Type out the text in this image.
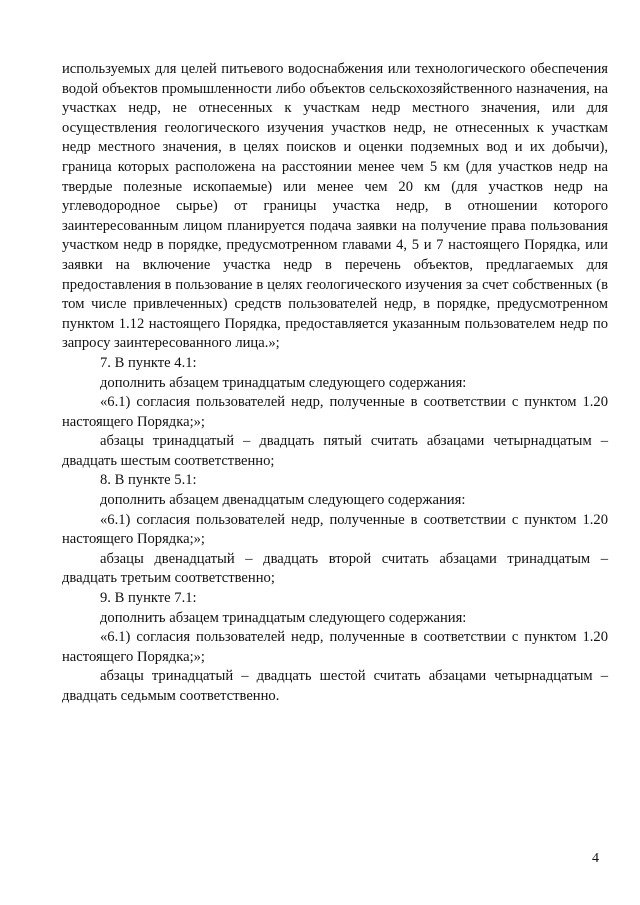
используемых для целей питьевого водоснабжения или технологического обеспечения водой объектов промышленности либо объектов сельскохозяйственного назначения, на участках недр, не отнесенных к участкам недр местного значения, или для осуществления геологического изучения участков недр, не отнесенных к участкам недр местного значения, в целях поисков и оценки подземных вод и их добычи), граница которых расположена на расстоянии менее чем 5 км (для участков недр на твердые полезные ископаемые) или менее чем 20 км (для участков недр на углеводородное сырье) от границы участка недр, в отношении которого заинтересованным лицом планируется подача заявки на получение права пользования участком недр в порядке, предусмотренном главами 4, 5 и 7 настоящего Порядка, или заявки на включение участка недр в перечень объектов, предлагаемых для предоставления в пользование в целях геологического изучения за счет собственных (в том числе привлеченных) средств пользователей недр, в порядке, предусмотренном пунктом 1.12 настоящего Порядка, предоставляется указанным пользователем недр по запросу заинтересованного лица.»;

7. В пункте 4.1:

дополнить абзацем тринадцатым следующего содержания:

«6.1) согласия пользователей недр, полученные в соответствии с пунктом 1.20 настоящего Порядка;»;

абзацы тринадцатый – двадцать пятый считать абзацами четырнадцатым – двадцать шестым соответственно;

8. В пункте 5.1:

дополнить абзацем двенадцатым следующего содержания:

«6.1) согласия пользователей недр, полученные в соответствии с пунктом 1.20 настоящего Порядка;»;

абзацы двенадцатый – двадцать второй считать абзацами тринадцатым – двадцать третьим соответственно;

9. В пункте 7.1:

дополнить абзацем тринадцатым следующего содержания:

«6.1) согласия пользователей недр, полученные в соответствии с пунктом 1.20 настоящего Порядка;»;

абзацы тринадцатый – двадцать шестой считать абзацами четырнадцатым – двадцать седьмым соответственно.

4
